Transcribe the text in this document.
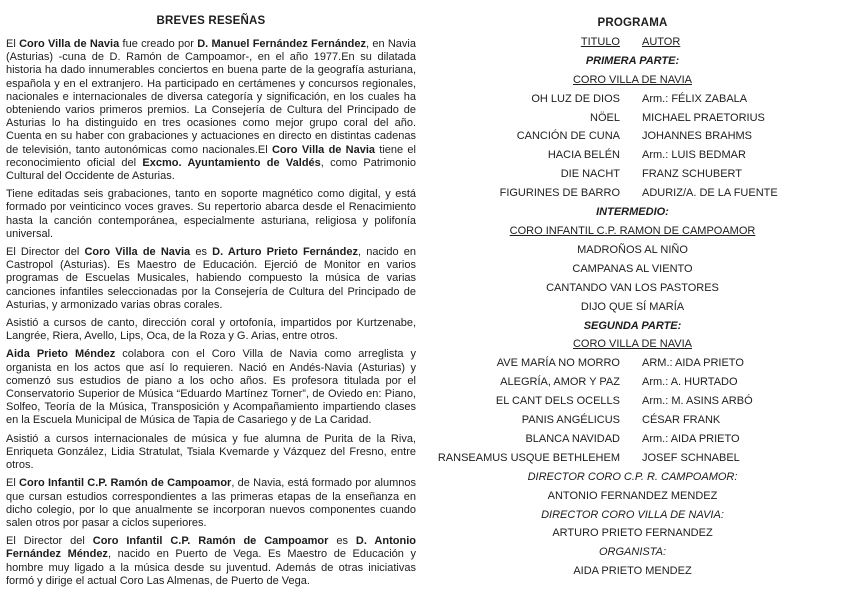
BREVES RESEÑAS

El Coro Villa de Navia fue creado por D. Manuel Fernández Fernández, en Navia (Asturias) -cuna de D. Ramón de Campoamor-, en el año 1977.En su dilatada historia ha dado innumerables conciertos en buena parte de la geografía asturiana, española y en el extranjero. Ha participado en certámenes y concursos regionales, nacionales e internacionales de diversa categoría y significación, en los cuales ha obteniendo varios primeros premios. La Consejería de Cultura del Principado de Asturias lo ha distinguido en tres ocasiones como mejor grupo coral del año. Cuenta en su haber con grabaciones y actuaciones en directo en distintas cadenas de televisión, tanto autonómicas como nacionales.El Coro Villa de Navia tiene el reconocimiento oficial del Excmo. Ayuntamiento de Valdés, como Patrimonio Cultural del Occidente de Asturias.

Tiene editadas seis grabaciones, tanto en soporte magnético como digital, y está formado por veinticinco voces graves. Su repertorio abarca desde el Renacimiento hasta la canción contemporánea, especialmente asturiana, religiosa y polifonía universal.

El Director del Coro Villa de Navia es D. Arturo Prieto Fernández, nacido en Castropol (Asturias). Es Maestro de Educación. Ejerció de Monitor en varios programas de Escuelas Musicales, habiendo compuesto la música de varias canciones infantiles seleccionadas por la Consejería de Cultura del Principado de Asturias, y armonizado varias obras corales.

Asistió a cursos de canto, dirección coral y ortofonía, impartidos por Kurtzenabe, Langrée, Riera, Avello, Lips, Oca, de la Roza y G. Arias, entre otros.

Aida Prieto Méndez colabora con el Coro Villa de Navia como arreglista y organista en los actos que así lo requieren. Nació en Andés-Navia (Asturias) y comenzó sus estudios de piano a los ocho años. Es profesora titulada por el Conservatorio Superior de Música “Eduardo Martínez Torner”, de Oviedo en: Piano, Solfeo, Teoría de la Música, Transposición y Acompañamiento impartiendo clases en la Escuela Municipal de Música de Tapia de Casariego y de La Caridad.

Asistió a cursos internacionales de música y fue alumna de Purita de la Riva, Enriqueta González, Lidia Stratulat, Tsiala Kvemarde y Vázquez del Fresno, entre otros.

El Coro Infantil C.P. Ramón de Campoamor, de Navia, está formado por alumnos que cursan estudios correspondientes a las primeras etapas de la enseñanza en dicho colegio, por lo que anualmente se incorporan nuevos componentes cuando salen otros por pasar a ciclos superiores.

El Director del Coro Infantil C.P. Ramón de Campoamor es D. Antonio Fernández Méndez, nacido en Puerto de Vega. Es Maestro de Educación y hombre muy ligado a la música desde su juventud. Además de otras iniciativas formó y dirige el actual Coro Las Almenas, de Puerto de Vega.

PROGRAMA
TITULO AUTOR
PRIMERA PARTE:
CORO VILLA DE NAVIA
OH LUZ DE DIOS Arm.: FÉLIX ZABALA
NÖEL MICHAEL PRAETORIUS
CANCIÓN DE CUNA JOHANNES BRAHMS
HACIA BELÉN Arm.: LUIS BEDMAR
DIE NACHT FRANZ SCHUBERT
FIGURINES DE BARRO ADURIZ/A. DE LA FUENTE
INTERMEDIO:
CORO INFANTIL C.P. RAMON DE CAMPOAMOR
MADROÑOS AL NIÑO
CAMPANAS AL VIENTO
CANTANDO VAN LOS PASTORES
DIJO QUE SÍ MARÍA
SEGUNDA PARTE:
CORO VILLA DE NAVIA
AVE MARÍA NO MORRO ARM.: AIDA PRIETO
ALEGRÍA, AMOR Y PAZ Arm.: A. HURTADO
EL CANT DELS OCELLS Arm.: M. ASINS ARBÓ
PANIS ANGÉLICUS CÉSAR FRANK
BLANCA NAVIDAD Arm.: AIDA PRIETO
RANSEAMUS USQUE BETHLEHEM JOSEF SCHNABEL
DIRECTOR CORO C.P. R. CAMPOAMOR:
ANTONIO FERNANDEZ MENDEZ
DIRECTOR CORO VILLA DE NAVIA:
ARTURO PRIETO FERNANDEZ
ORGANISTA:
AIDA PRIETO MENDEZ
